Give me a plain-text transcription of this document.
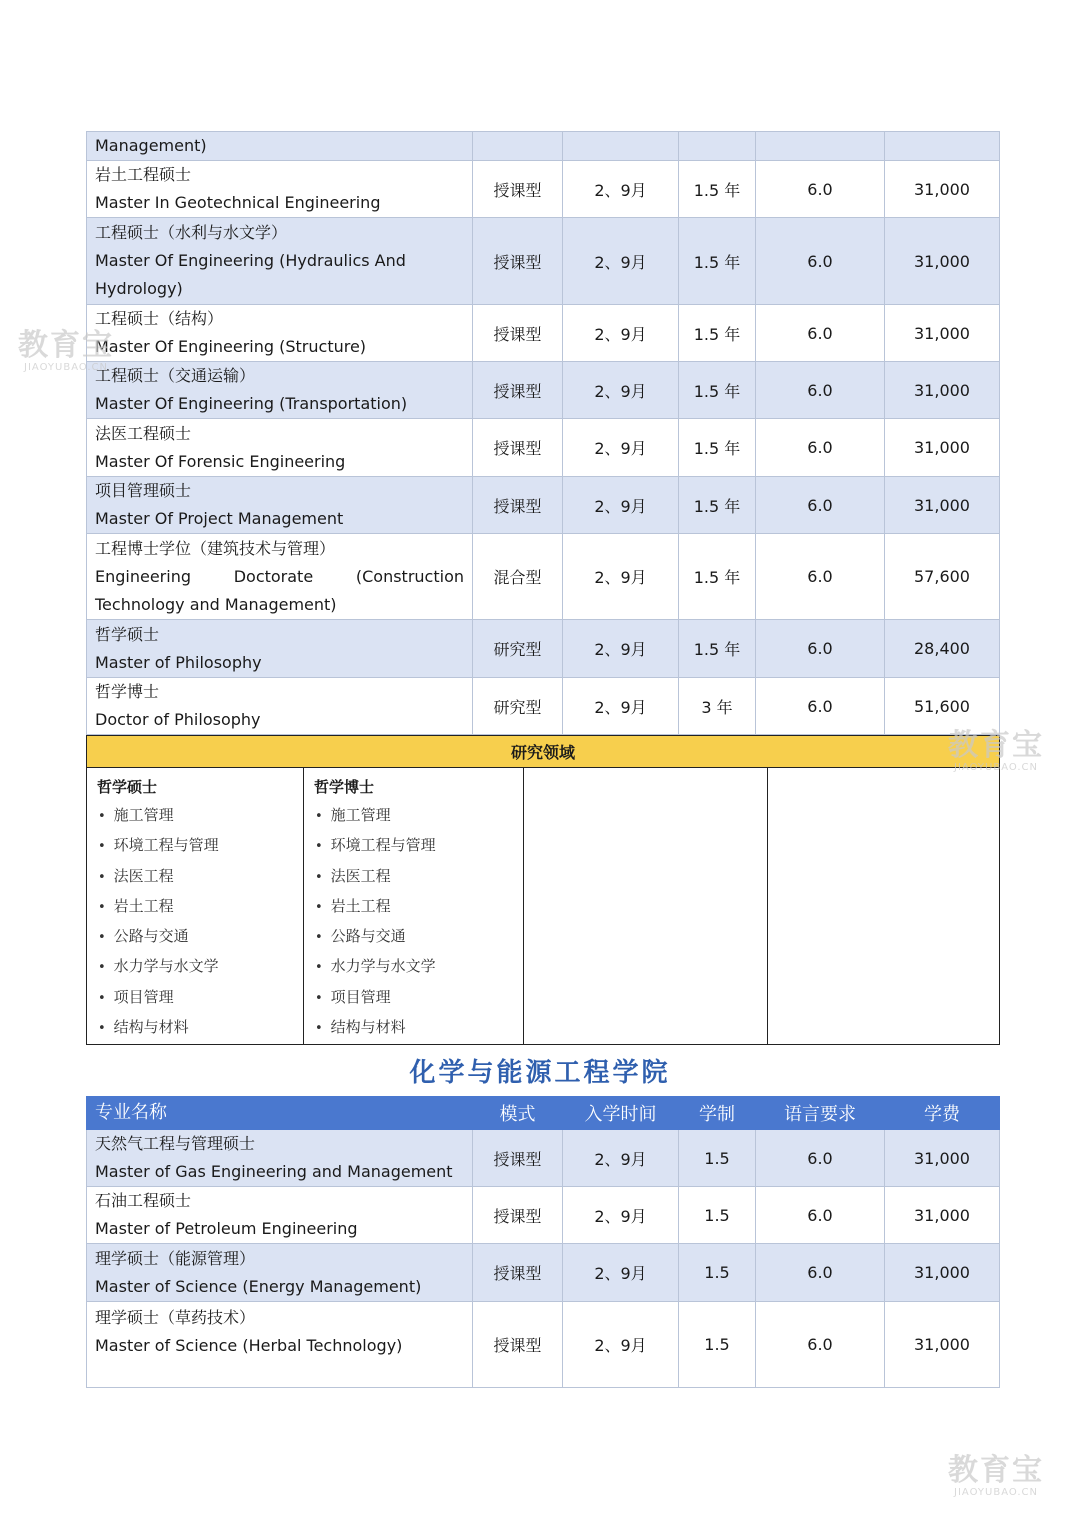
Management)					

岩土工程硕士
Master In Geotechnical Engineering	授课型	2、9月	1.5 年	6.0	31,000

工程硕士（水利与水文学）
Master Of Engineering (Hydraulics And
Hydrology)	授课型	2、9月	1.5 年	6.0	31,000

工程硕士（结构）
Master Of Engineering (Structure)	授课型	2、9月	1.5 年	6.0	31,000

工程硕士（交通运输）
Master Of Engineering (Transportation)	授课型	2、9月	1.5 年	6.0	31,000

法医工程硕士
Master Of Forensic Engineering	授课型	2、9月	1.5 年	6.0	31,000

项目管理硕士
Master Of Project Management	授课型	2、9月	1.5 年	6.0	31,000

工程博士学位（建筑技术与管理）
Engineering Doctorate (Construction
Technology and Management)	混合型	2、9月	1.5 年	6.0	57,600

哲学硕士
Master of Philosophy	研究型	2、9月	1.5 年	6.0	28,400

哲学博士
Doctor of Philosophy	研究型	2、9月	3 年	6.0	51,600
研究领域

哲学硕士
• 施工管理
• 环境工程与管理
• 法医工程
• 岩土工程
• 公路与交通
• 水力学与水文学
• 项目管理
• 结构与材料

哲学博士
• 施工管理
• 环境工程与管理
• 法医工程
• 岩土工程
• 公路与交通
• 水力学与水文学
• 项目管理
• 结构与材料

化学与能源工程学院
专业名称	模式	入学时间	学制	语言要求	学费

天然气工程与管理硕士
Master of Gas Engineering and Management	授课型	2、9月	1.5	6.0	31,000

石油工程硕士
Master of Petroleum Engineering	授课型	2、9月	1.5	6.0	31,000

理学硕士（能源管理）
Master of Science (Energy Management)	授课型	2、9月	1.5	6.0	31,000

理学硕士（草药技术）
Master of Science (Herbal Technology)	授课型	2、9月	1.5	6.0	31,000
教育宝
JIAOYUBAO.CN
教育宝
JIAOYUBAO.CN
教育宝
JIAOYUBAO.CN
